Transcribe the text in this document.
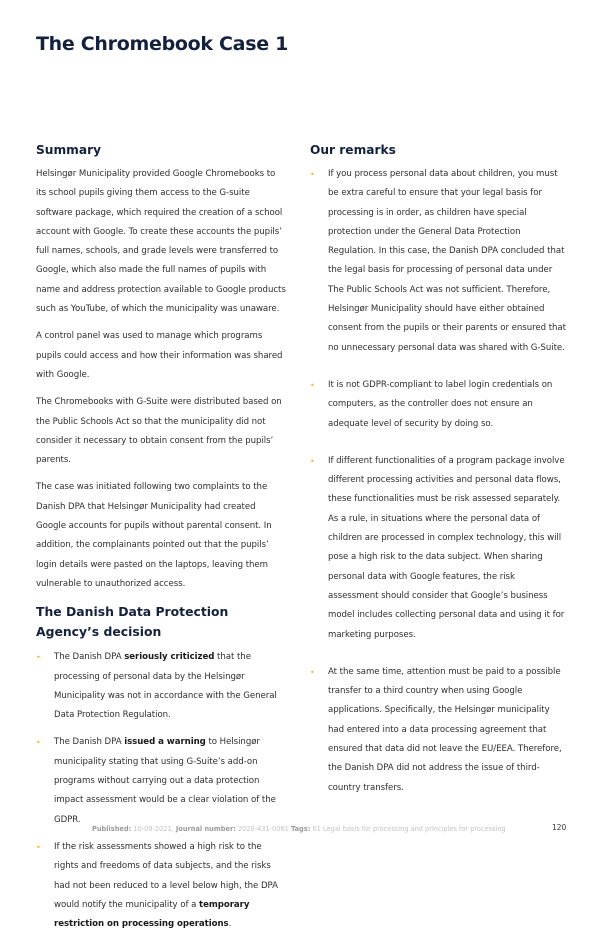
The Chromebook Case 1
Summary

Helsingør Municipality provided Google Chromebooks to its school pupils giving them access to the G-suite software package, which required the creation of a school account with Google. To create these accounts the pupils’ full names, schools, and grade levels were transferred to Google, which also made the full names of pupils with name and address protection available to Google products such as YouTube, of which the municipality was unaware.

A control panel was used to manage which programs pupils could access and how their information was shared with Google.

The Chromebooks with G-Suite were distributed based on the Public Schools Act so that the municipality did not consider it necessary to obtain consent from the pupils’ parents.

The case was initiated following two complaints to the Danish DPA that Helsingør Municipality had created Google accounts for pupils without parental consent. In addition, the complainants pointed out that the pupils’ login details were pasted on the laptops, leaving them vulnerable to unauthorized access.

The Danish Data Protection Agency’s decision
• The Danish DPA seriously criticized that the processing of personal data by the Helsingør Municipality was not in accordance with the General Data Protection Regulation.
• The Danish DPA issued a warning to Helsingør municipality stating that using G-Suite’s add-on programs without carrying out a data protection impact assessment would be a clear violation of the GDPR.
• If the risk assessments showed a high risk to the rights and freedoms of data subjects, and the risks had not been reduced to a level below high, the DPA would notify the municipality of a temporary restriction on processing operations.
Our remarks
• If you process personal data about children, you must be extra careful to ensure that your legal basis for processing is in order, as children have special protection under the General Data Protection Regulation. In this case, the Danish DPA concluded that the legal basis for processing of personal data under The Public Schools Act was not sufficient. Therefore, Helsingør Municipality should have either obtained consent from the pupils or their parents or ensured that no unnecessary personal data was shared with G-Suite.
• It is not GDPR-compliant to label login credentials on computers, as the controller does not ensure an adequate level of security by doing so.
• If different functionalities of a program package involve different processing activities and personal data flows, these functionalities must be risk assessed separately. As a rule, in situations where the personal data of children are processed in complex technology, this will pose a high risk to the data subject. When sharing personal data with Google features, the risk assessment should consider that Google’s business model includes collecting personal data and using it for marketing purposes.
• At the same time, attention must be paid to a possible transfer to a third country when using Google applications. Specifically, the Helsingør municipality had entered into a data processing agreement that ensured that data did not leave the EU/EEA. Therefore, the Danish DPA did not address the issue of third-country transfers.
Published: 10-09-2021, Journal number: 2020-431-0061 Tags: 01 Legal basis for processing and principles for processing	120
